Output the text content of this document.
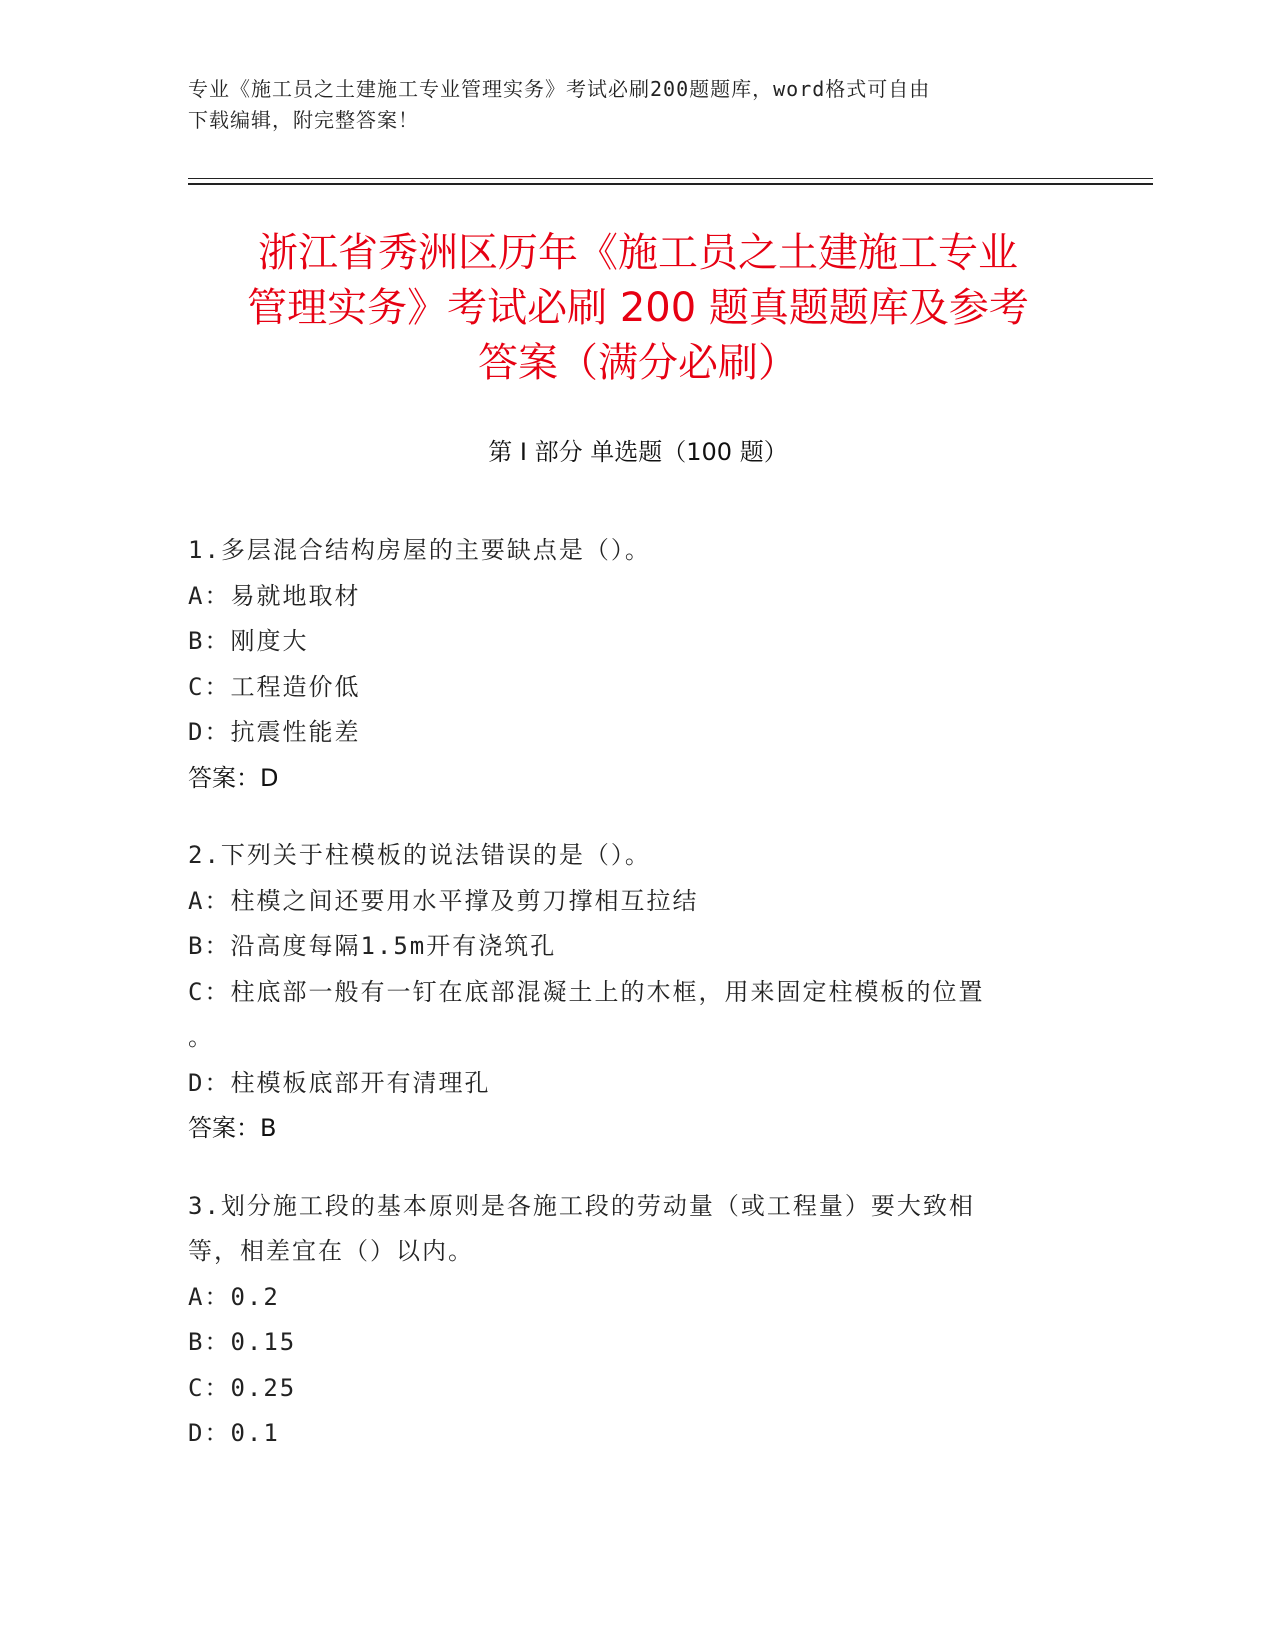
专业《施工员之土建施工专业管理实务》考试必刷200题题库，word格式可自由
下载编辑，附完整答案！
浙江省秀洲区历年《施工员之土建施工专业
管理实务》考试必刷 200 题真题题库及参考
答案（满分必刷）
第 I 部分 单选题（100 题）
1.多层混合结构房屋的主要缺点是（）。
A：易就地取材
B：刚度大
C：工程造价低
D：抗震性能差
答案：D
2.下列关于柱模板的说法错误的是（）。
A：柱模之间还要用水平撑及剪刀撑相互拉结
B：沿高度每隔1.5m开有浇筑孔
C：柱底部一般有一钉在底部混凝土上的木框，用来固定柱模板的位置
。
D：柱模板底部开有清理孔
答案：B
3.划分施工段的基本原则是各施工段的劳动量（或工程量）要大致相
等，相差宜在（）以内。
A：0.2
B：0.15
C：0.25
D：0.1
